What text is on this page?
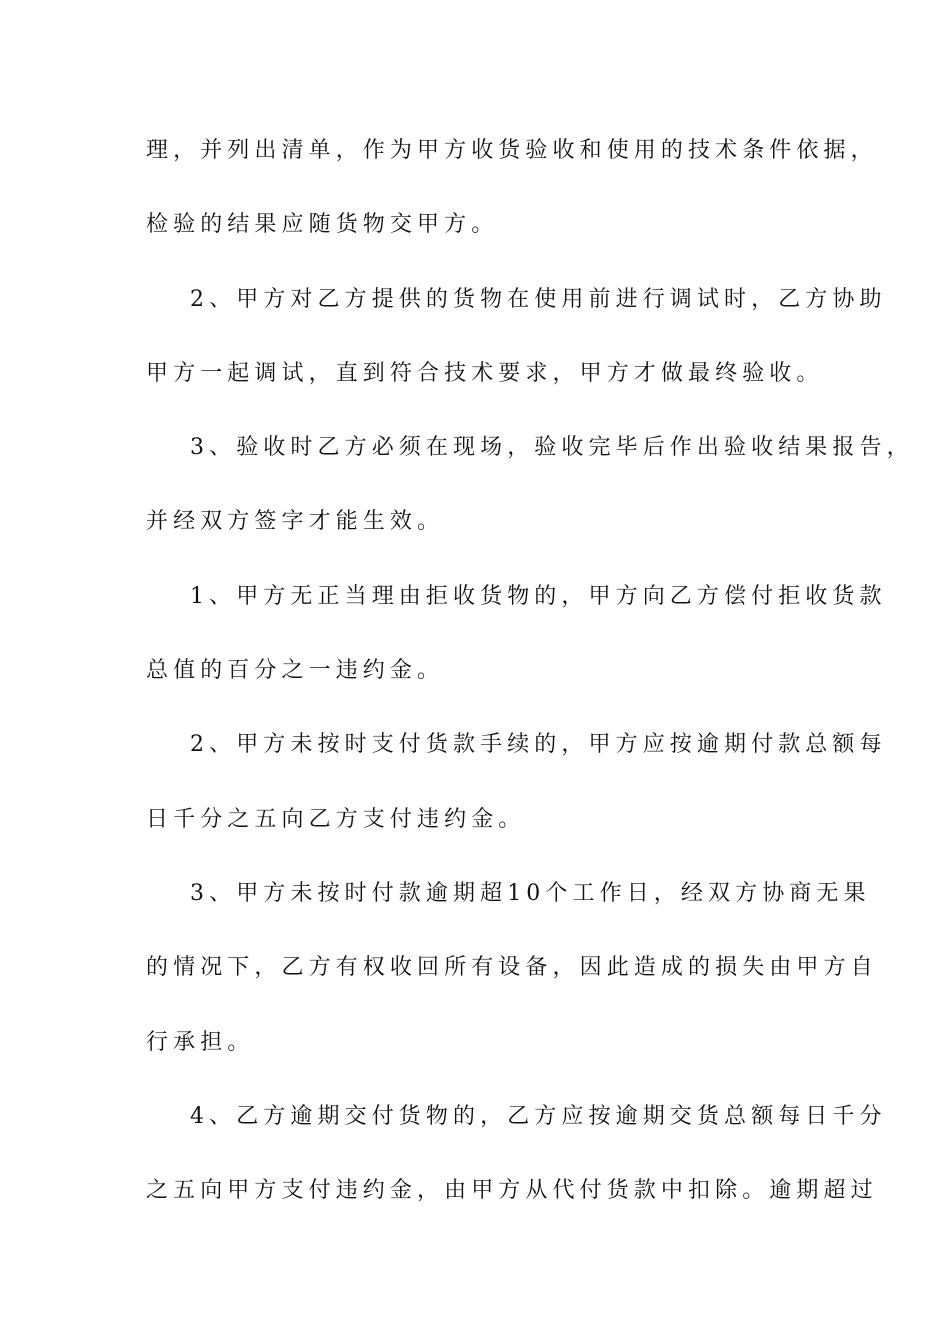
理，并列出清单，作为甲方收货验收和使用的技术条件依据，
检验的结果应随货物交甲方。
2、甲方对乙方提供的货物在使用前进行调试时，乙方协助
甲方一起调试，直到符合技术要求，甲方才做最终验收。
3、验收时乙方必须在现场，验收完毕后作出验收结果报告，
并经双方签字才能生效。
1、甲方无正当理由拒收货物的，甲方向乙方偿付拒收货款
总值的百分之一违约金。
2、甲方未按时支付货款手续的，甲方应按逾期付款总额每
日千分之五向乙方支付违约金。
3、甲方未按时付款逾期超10个工作日，经双方协商无果
的情况下，乙方有权收回所有设备，因此造成的损失由甲方自
行承担。
4、乙方逾期交付货物的，乙方应按逾期交货总额每日千分
之五向甲方支付违约金，由甲方从代付货款中扣除。逾期超过
